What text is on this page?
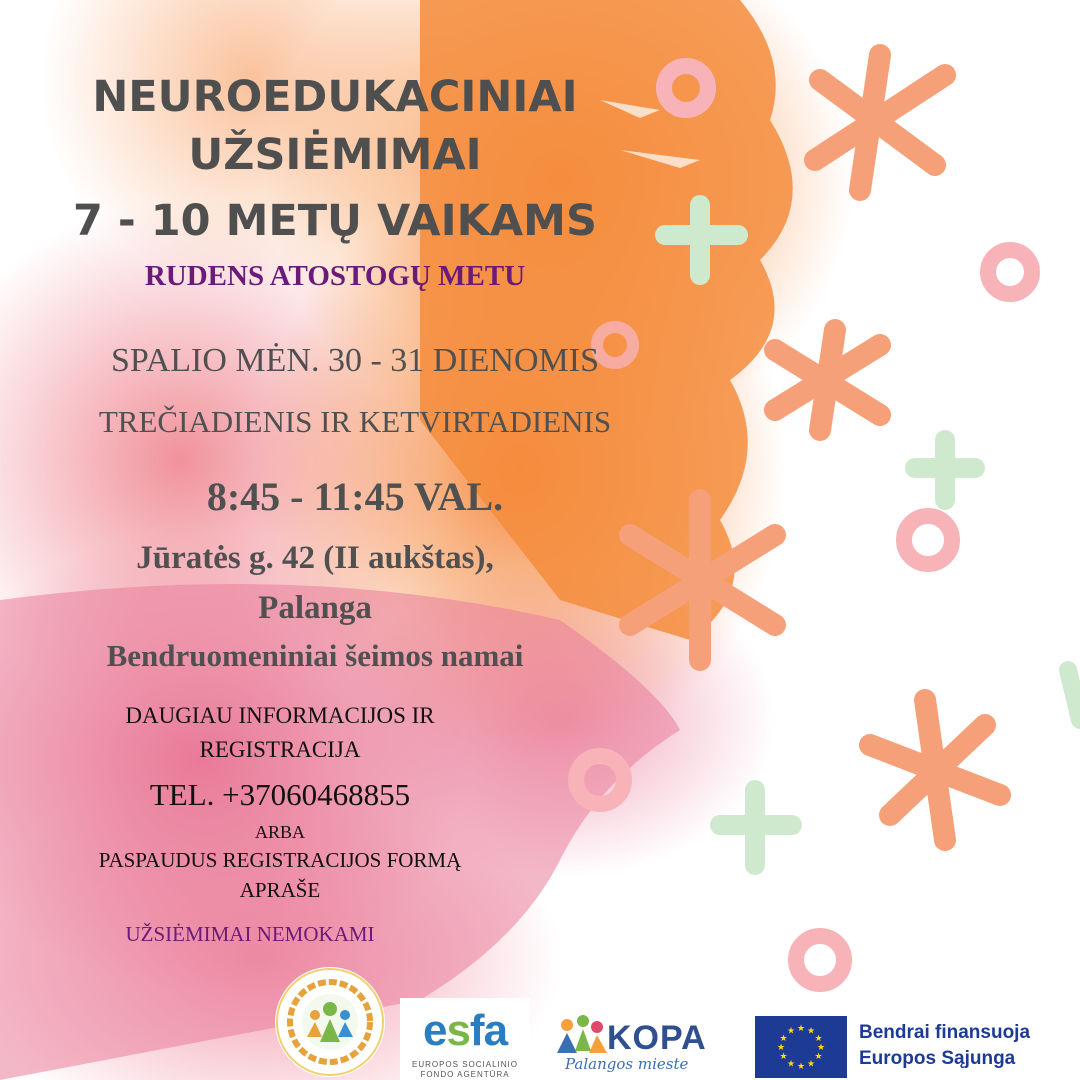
NEUROEDUKACINIAI

UŽSIĖMIMAI

7 - 10 METŲ VAIKAMS

RUDENS ATOSTOGŲ METU

SPALIO MĖN. 30 - 31 DIENOMIS

TREČIADIENIS IR KETVIRTADIENIS

8:45 - 11:45 VAL.

Jūratės g. 42 (II aukštas),

Palanga

Bendruomeniniai šeimos namai

DAUGIAU INFORMACIJOS IR

REGISTRACIJA

TEL. +37060468855

ARBA

PASPAUDUS REGISTRACIJOS FORMĄ

APRAŠE

UŽSIĖMIMAI NEMOKAMI

esfa
EUROPOS SOCIALINIO
FONDO AGENTŪRA
KOPA
Palangos mieste
★ ★
★
★
★
★
★
★
★
★
★
★	Bendrai finansuoja
Europos Sąjunga
